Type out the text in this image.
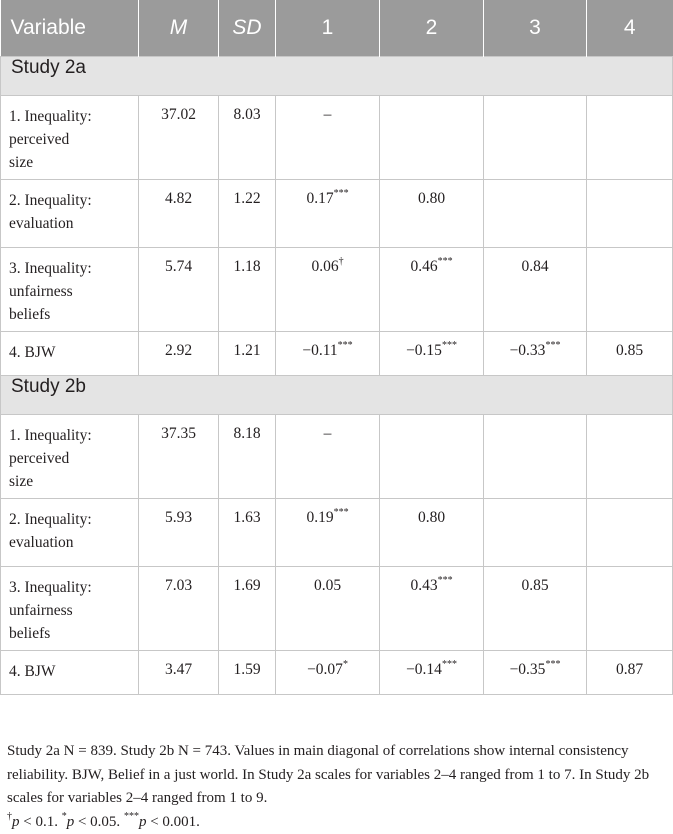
Variable	M	SD	1	2	3	4
Study 2a						

1. Inequality:
perceived
size	37.02	8.03	–			

2. Inequality:
evaluation	4.82	1.22	0.17***	0.80		

3. Inequality:
unfairness
beliefs	5.74	1.18	0.06†	0.46***	0.84	

4. BJW	2.92	1.21	−0.11***	−0.15***	−0.33***	0.85
Study 2b						

1. Inequality:
perceived
size	37.35	8.18	–			

2. Inequality:
evaluation	5.93	1.63	0.19***	0.80		

3. Inequality:
unfairness
beliefs	7.03	1.69	0.05	0.43***	0.85	

4. BJW	3.47	1.59	−0.07*	−0.14***	−0.35***	0.87

Study 2a N = 839. Study 2b N = 743. Values in main diagonal of correlations show internal consistency reliability. BJW, Belief in a just world. In Study 2a scales for variables 2–4 ranged from 1 to 7. In Study 2b scales for variables 2–4 ranged from 1 to 9.

†p < 0.1. *p < 0.05. ***p < 0.001.
